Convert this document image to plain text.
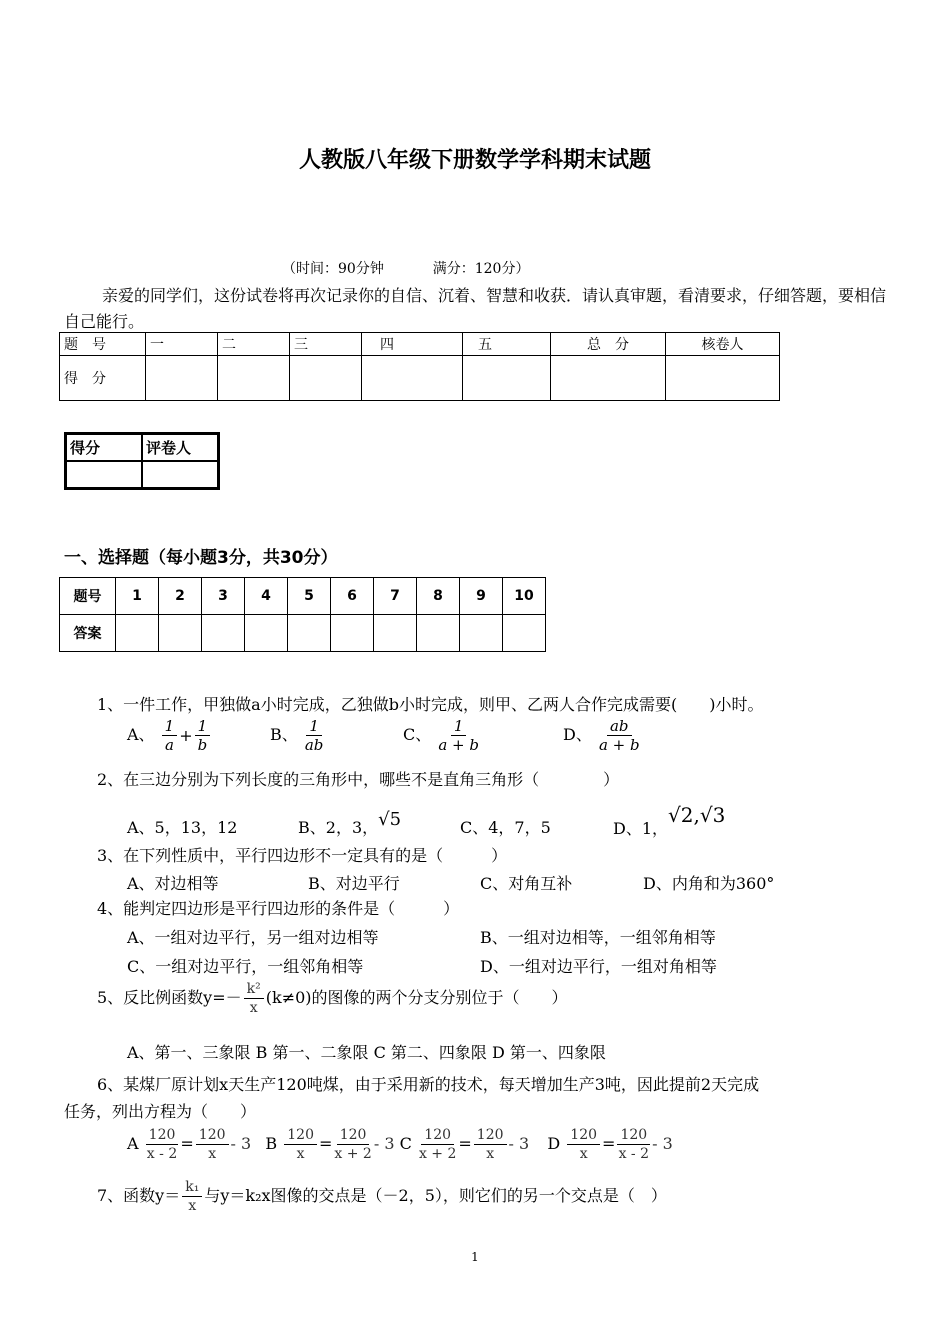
人教版八年级下册数学学科期末试题
（时间：90分钟	满分：120分）
亲爱的同学们，这份试卷将再次记录你的自信、沉着、智慧和收获．请认真审题，看清要求，仔细答题，要相信自己能行。
题　号	一	二	三	四	五	总　分	核卷人
得　分							
得分	评卷人

一、选择题（每小题3分，共30分）
题号	1	2	3	4	5	6	7	8	9	10
答案										
1、一件工作，甲独做a小时完成，乙独做b小时完成，则甲、乙两人合作完成需要(　　)小时。
A、 $\frac{1}{a} + \frac{1}{b}$	B、 $\frac{1}{ab}$	C、 $\frac{1}{a + b}$	D、 $\frac{ab}{a + b}$
2、在三边分别为下列长度的三角形中，哪些不是直角三角形（　　　　）
A、5，13，12	B、2，3，√5	C、4，7，5	D、1，√2,√3
3、在下列性质中，平行四边形不一定具有的是（　　　）
A、对边相等	B、对边平行	C、对角互补	D、内角和为360°
4、能判定四边形是平行四边形的条件是（　　　）
A、一组对边平行，另一组对边相等	B、一组对边相等，一组邻角相等
C、一组对边平行，一组邻角相等	D、一组对边平行，一组对角相等
5、反比例函数$y=- \frac{\text{k²}}{x} (k\ne 0)$的图像的两个分支分别位于（　　）
A、第一、三象限 B 第一、二象限 C 第二、四象限 D 第一、四象限
6、某煤厂原计划x天生产120吨煤，由于采用新的技术，每天增加生产3吨，因此提前2天完成
任务，列出方程为（　　）
A $\frac{120}{x - 2} = \frac{120}{x} - 3$ B $\frac{120}{x} = \frac{120}{x + 2} - 3$ C $\frac{120}{x + 2} = \frac{120}{x} - 3$ D $\frac{120}{x} = \frac{120}{x - 2} - 3$
7、函数$y= \frac{\text{k₁}}{x}$ 与y＝k₂x图像的交点是（－2，5），则它们的另一个交点是（　）
1
